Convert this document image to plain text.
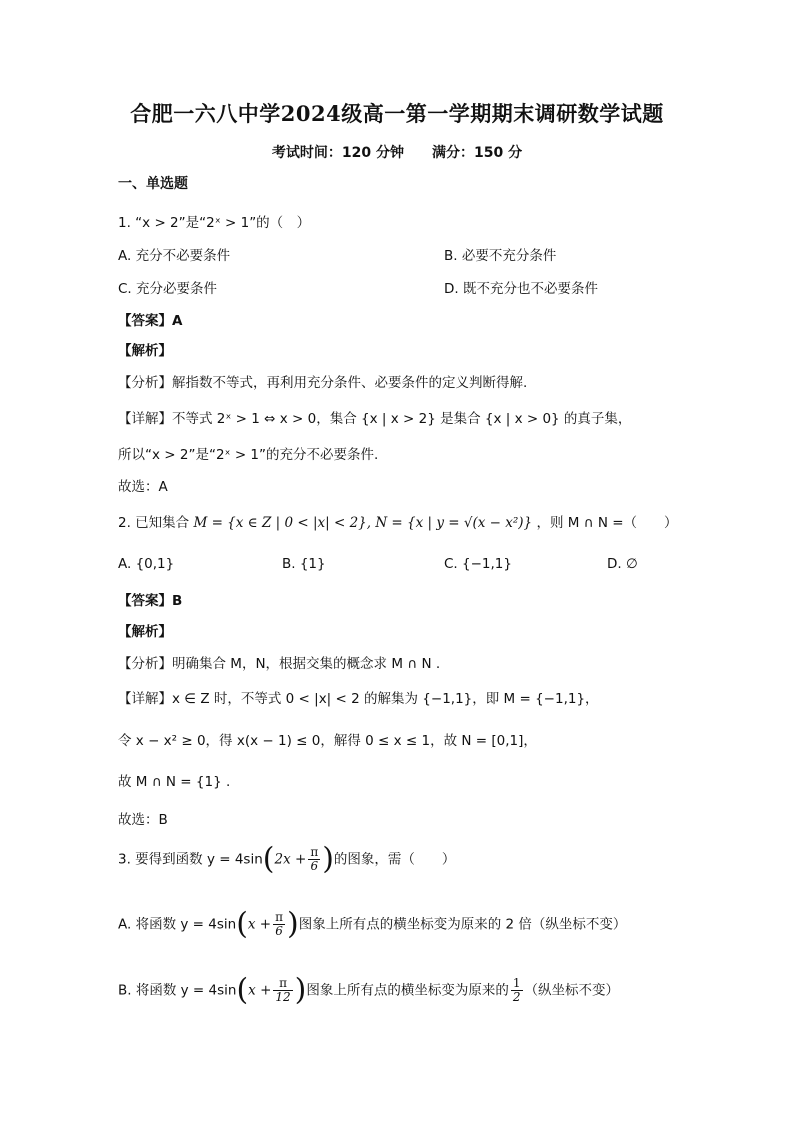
合肥一六八中学2024级高一第一学期期末调研数学试题
考试时间：120 分钟　　满分：150 分
一、单选题
1. “x > 2”是“2ˣ > 1”的（　）
A. 充分不必要条件	B. 必要不充分条件
C. 充分必要条件	D. 既不充分也不必要条件
【答案】A
【解析】
【分析】解指数不等式，再利用充分条件、必要条件的定义判断得解.
【详解】不等式 2ˣ > 1 ⇔ x > 0，集合 {x | x > 2} 是集合 {x | x > 0} 的真子集，
所以“x > 2”是“2ˣ > 1”的充分不必要条件.
故选：A
2. 已知集合 M = {x ∈ Z | 0 < |x| < 2}, N = {x | y = √(x − x²)} ，则 M ∩ N =（　　）
A. {0,1}	B. {1}	C. {−1,1}	D. ∅
【答案】B
【解析】
【分析】明确集合 M，N，根据交集的概念求 M ∩ N .
【详解】x ∈ Z 时，不等式 0 < |x| < 2 的解集为 {−1,1}，即 M = {−1,1}，
令 x − x² ≥ 0，得 x(x − 1) ≤ 0，解得 0 ≤ x ≤ 1，故 N = [0,1]，
故 M ∩ N = {1} .
故选：B
3. 要得到函数 $y = 4\sin(2x + \frac{\pi}{6}$ )的图象，需（　　）
A. 将函数 $y = 4\sin(x + \frac{\pi}{6}$ )图象上所有点的横坐标变为原来的 2 倍（纵坐标不变）
B. 将函数 $y = 4\sin(x + \frac{\pi}{12}$ )图象上所有点的横坐标变为原来的 $\frac{1}{2}$ （纵坐标不变）
